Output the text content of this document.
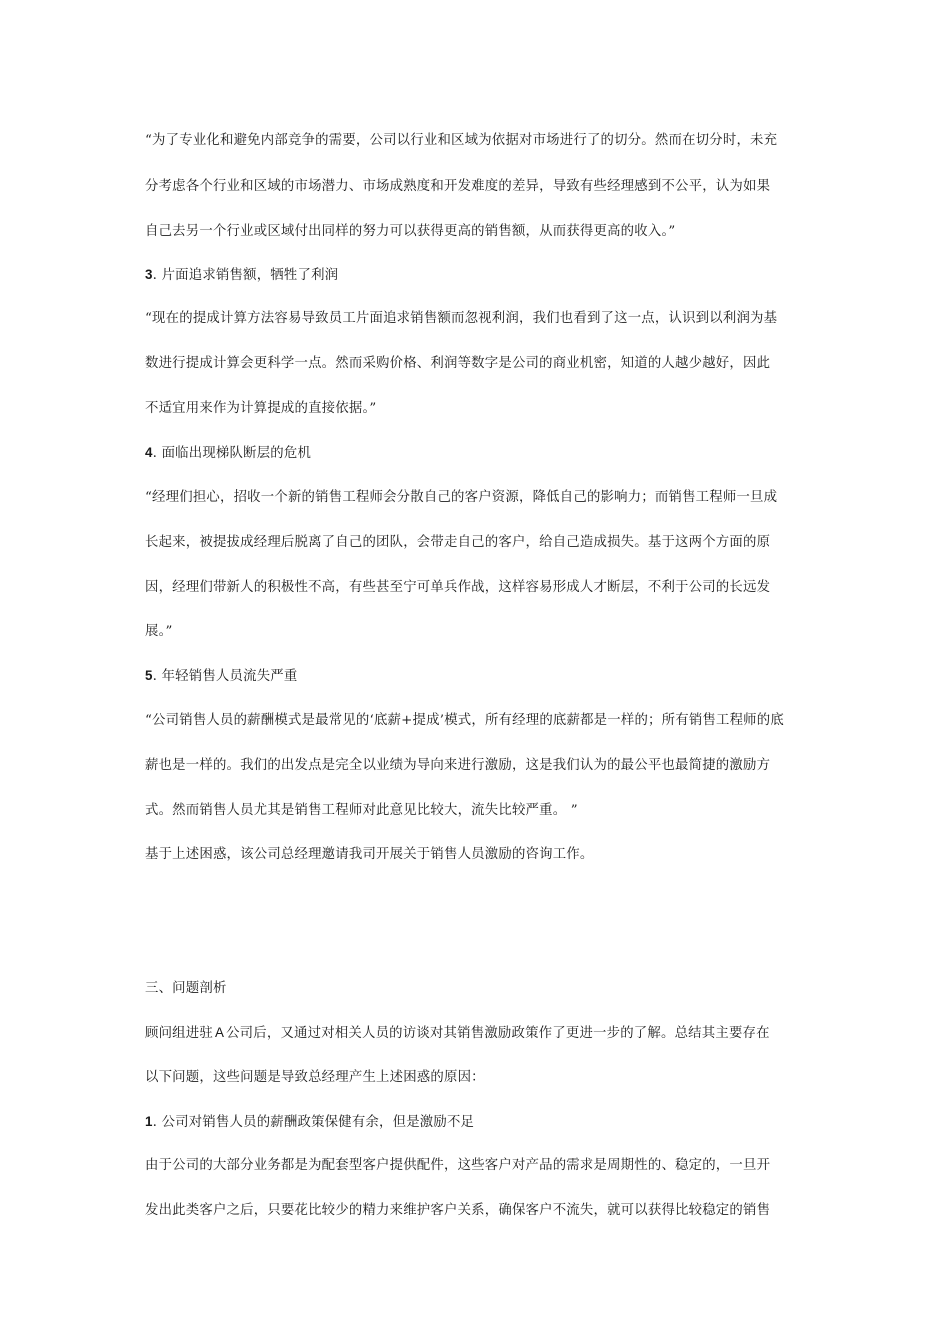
“为了专业化和避免内部竞争的需要，公司以行业和区域为依据对市场进行了的切分。然而在切分时，未充
分考虑各个行业和区域的市场潜力、市场成熟度和开发难度的差异，导致有些经理感到不公平，认为如果
自己去另一个行业或区域付出同样的努力可以获得更高的销售额，从而获得更高的收入。”
3. 片面追求销售额，牺牲了利润
“现在的提成计算方法容易导致员工片面追求销售额而忽视利润，我们也看到了这一点，认识到以利润为基
数进行提成计算会更科学一点。然而采购价格、利润等数字是公司的商业机密，知道的人越少越好，因此
不适宜用来作为计算提成的直接依据。”
4. 面临出现梯队断层的危机
“经理们担心，招收一个新的销售工程师会分散自己的客户资源，降低自己的影响力；而销售工程师一旦成
长起来，被提拔成经理后脱离了自己的团队，会带走自己的客户，给自己造成损失。基于这两个方面的原
因，经理们带新人的积极性不高，有些甚至宁可单兵作战，这样容易形成人才断层，不利于公司的长远发
展。”
5. 年轻销售人员流失严重
“公司销售人员的薪酬模式是最常见的‘底薪+提成’模式，所有经理的底薪都是一样的；所有销售工程师的底
薪也是一样的。我们的出发点是完全以业绩为导向来进行激励，这是我们认为的最公平也最简捷的激励方
式。然而销售人员尤其是销售工程师对此意见比较大，流失比较严重。 ”
基于上述困惑，该公司总经理邀请我司开展关于销售人员激励的咨询工作。
三、问题剖析
顾问组进驻 A 公司后，又通过对相关人员的访谈对其销售激励政策作了更进一步的了解。总结其主要存在
以下问题，这些问题是导致总经理产生上述困惑的原因：
1. 公司对销售人员的薪酬政策保健有余，但是激励不足
由于公司的大部分业务都是为配套型客户提供配件，这些客户对产品的需求是周期性的、稳定的，一旦开
发出此类客户之后，只要花比较少的精力来维护客户关系，确保客户不流失，就可以获得比较稳定的销售
